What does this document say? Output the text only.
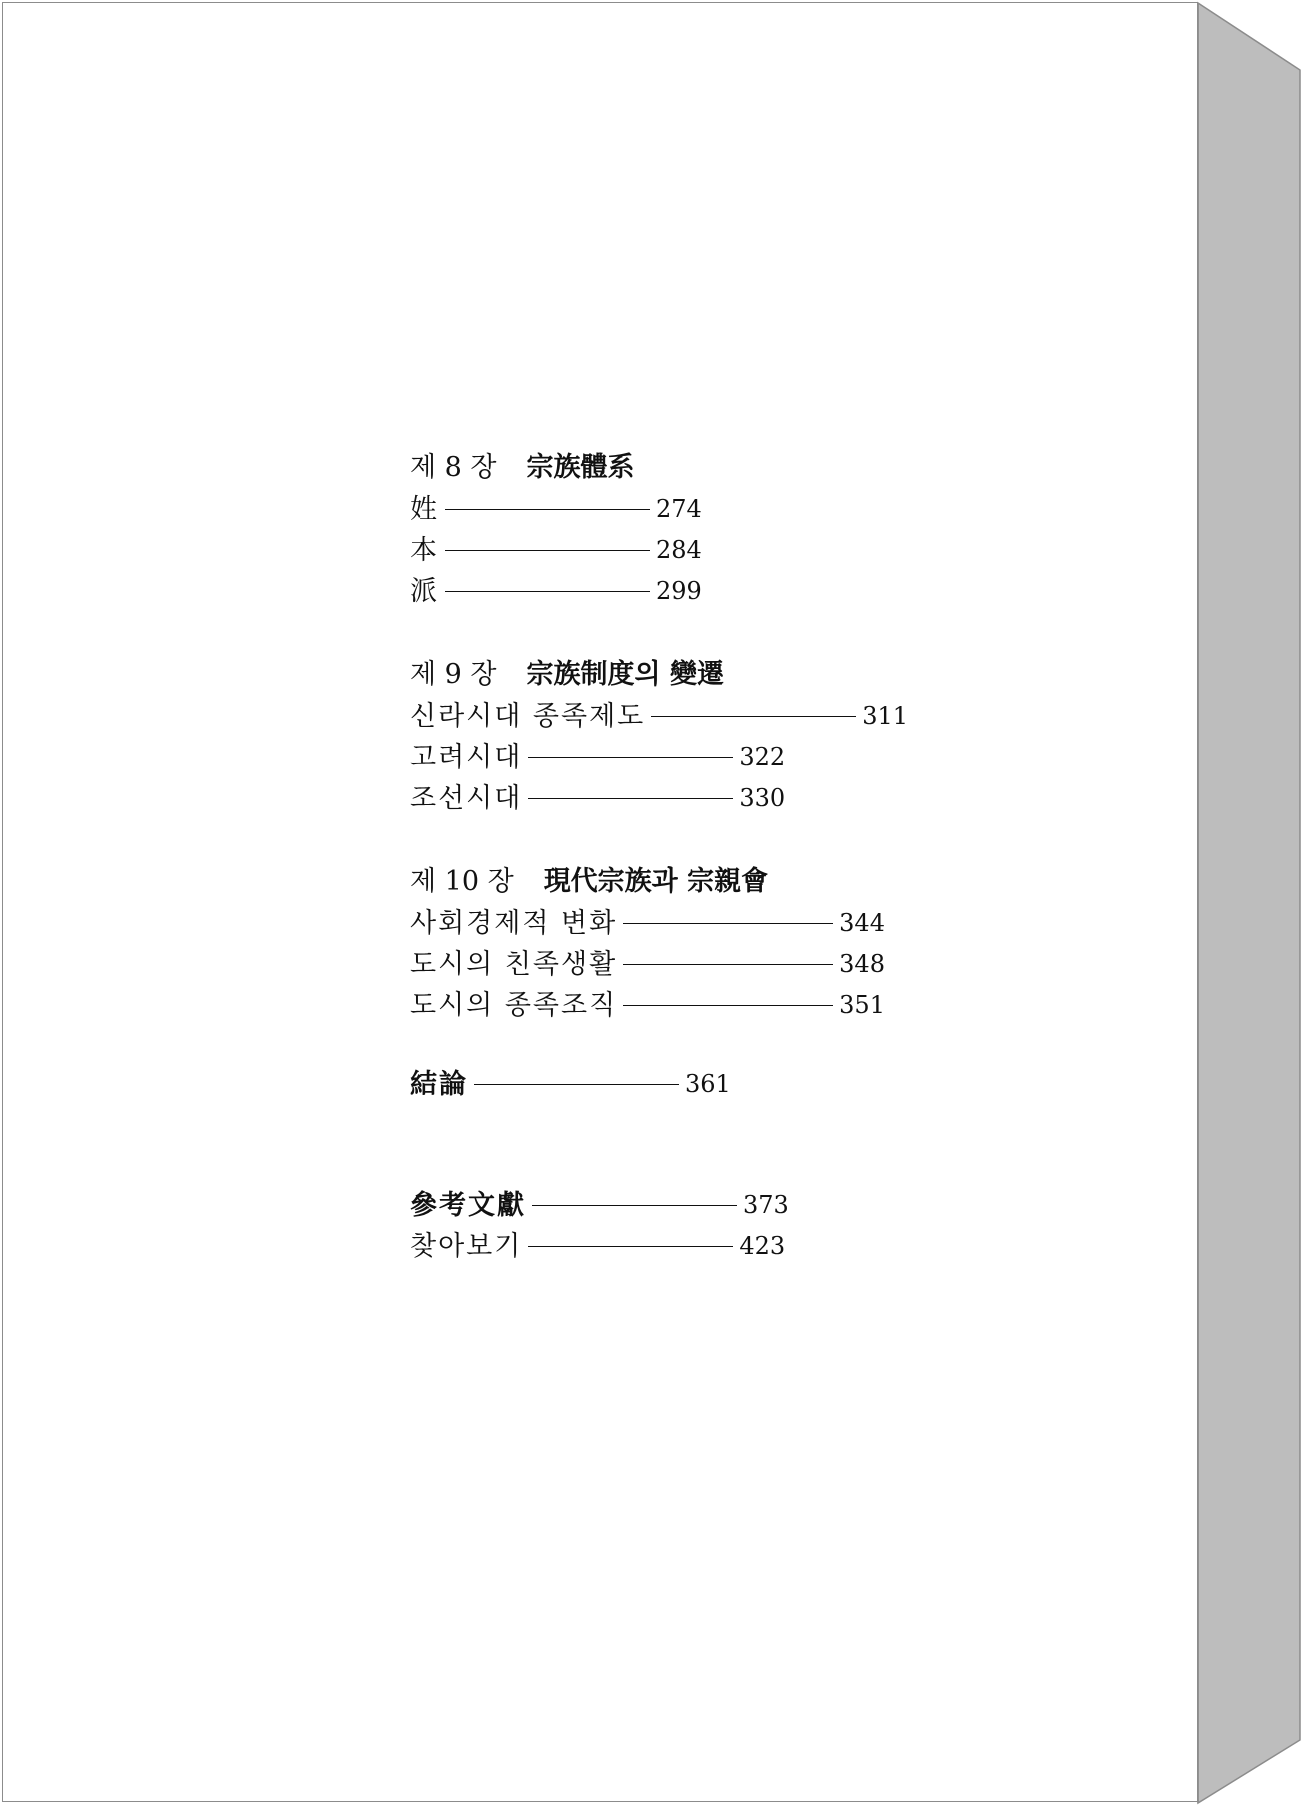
제 8 장 宗族體系
姓	274
本	284
派	299
제 9 장 宗族制度의 變遷
신라시대 종족제도	311
고려시대	322
조선시대	330
제 10 장 現代宗族과 宗親會
사회경제적 변화	344
도시의 친족생활	348
도시의 종족조직	351
結論	361
參考文獻	373
찾아보기	423
